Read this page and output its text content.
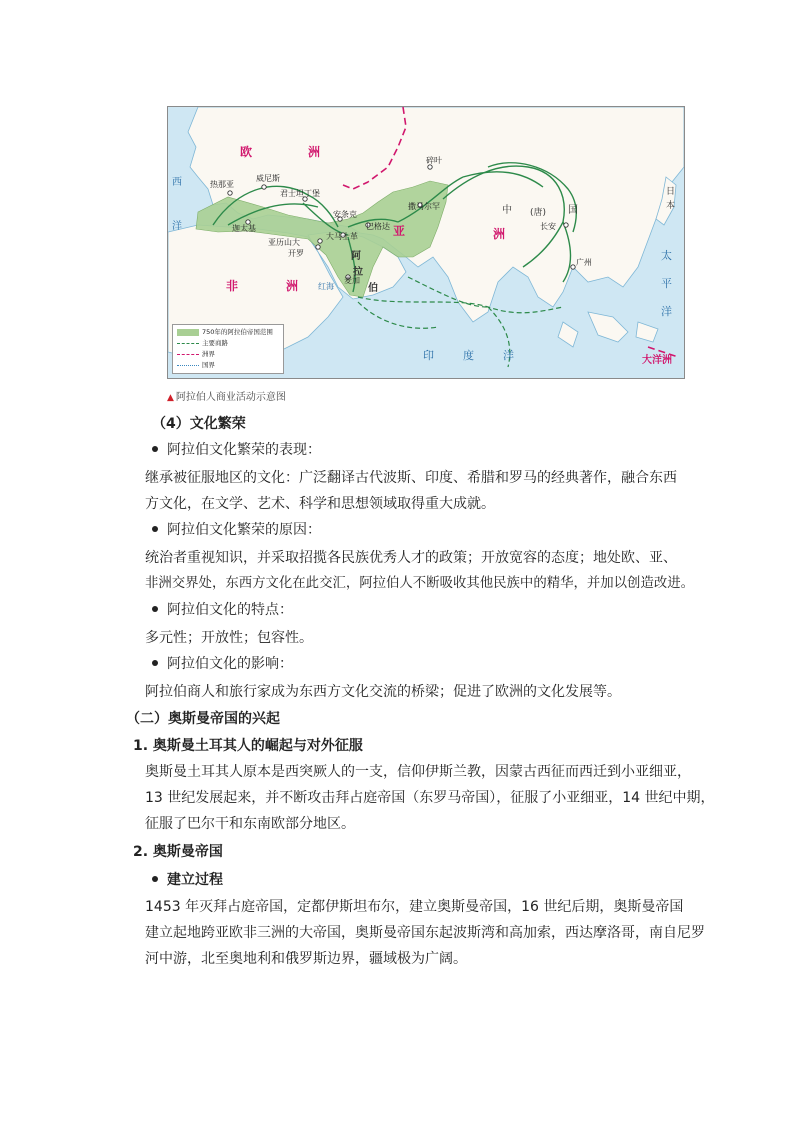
欧	洲
亚	洲
非	洲
阿
拉
伯
中 (唐) 国
印	度	洋
太
平
洋
大洋洲
日本
西
洋
红海
威尼斯
热那亚
君士坦丁堡
迦太基
安条克
巴格达
大马士革
亚历山大
开罗
麦加
碎叶
撒马尔罕
长安
广州
750年的阿拉伯帝国范围
主要商路
洲界
国界
▲ 阿拉伯人商业活动示意图
（4）文化繁荣
阿拉伯文化繁荣的表现：
继承被征服地区的文化：广泛翻译古代波斯、印度、希腊和罗马的经典著作，融合东西
方文化，在文学、艺术、科学和思想领域取得重大成就。
阿拉伯文化繁荣的原因：
统治者重视知识，并采取招揽各民族优秀人才的政策；开放宽容的态度；地处欧、亚、
非洲交界处，东西方文化在此交汇，阿拉伯人不断吸收其他民族中的精华，并加以创造改进。
阿拉伯文化的特点：
多元性；开放性；包容性。
阿拉伯文化的影响：
阿拉伯商人和旅行家成为东西方文化交流的桥梁；促进了欧洲的文化发展等。
（二）奥斯曼帝国的兴起
1. 奥斯曼土耳其人的崛起与对外征服
奥斯曼土耳其人原本是西突厥人的一支，信仰伊斯兰教，因蒙古西征而西迁到小亚细亚，
13 世纪发展起来，并不断攻击拜占庭帝国（东罗马帝国），征服了小亚细亚，14 世纪中期，
征服了巴尔干和东南欧部分地区。
2. 奥斯曼帝国
建立过程
1453 年灭拜占庭帝国，定都伊斯坦布尔，建立奥斯曼帝国，16 世纪后期，奥斯曼帝国
建立起地跨亚欧非三洲的大帝国，奥斯曼帝国东起波斯湾和高加索，西达摩洛哥，南自尼罗
河中游，北至奥地利和俄罗斯边界，疆域极为广阔。
